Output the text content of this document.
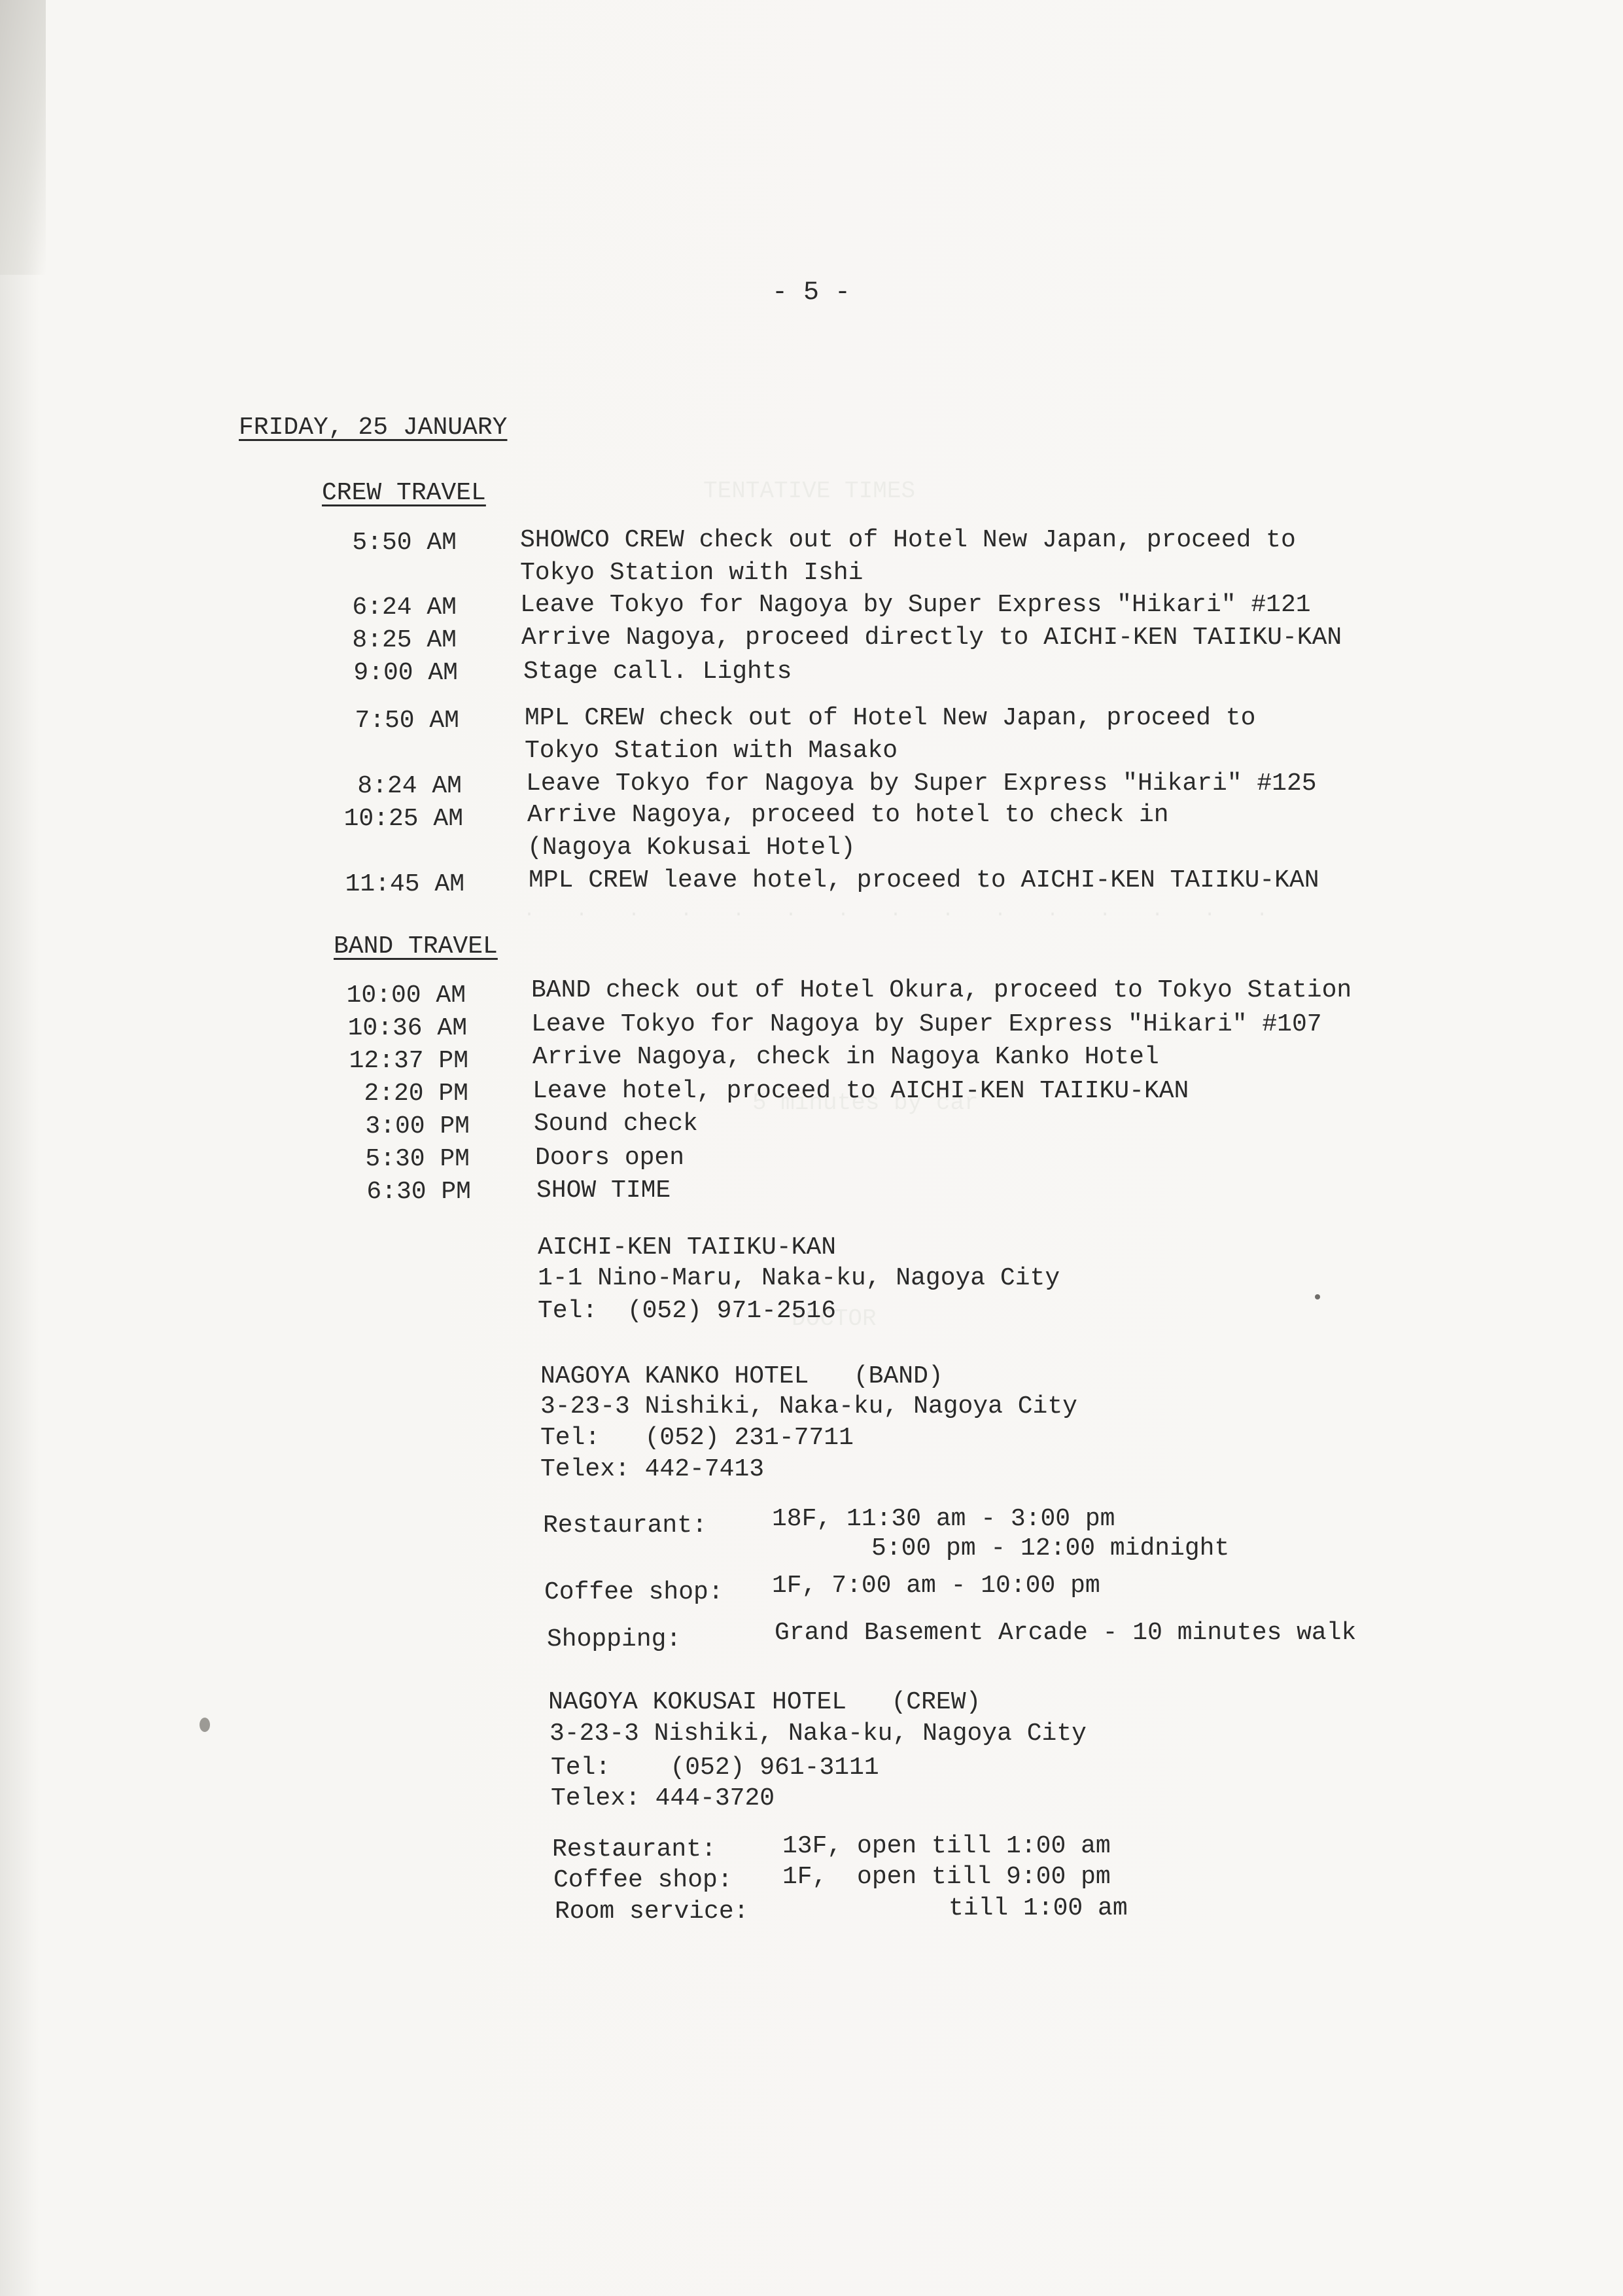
. . . . . . . . . . . . . . .
- 5 -
FRIDAY, 25 JANUARY
CREW TRAVEL
5:50 AM	SHOWCO CREW check out of Hotel New Japan, proceed to
Tokyo Station with Ishi
6:24 AM	Leave Tokyo for Nagoya by Super Express "Hikari" #121
8:25 AM	Arrive Nagoya, proceed directly to AICHI-KEN TAIIKU-KAN
9:00 AM	Stage call. Lights
7:50 AM	MPL CREW check out of Hotel New Japan, proceed to
Tokyo Station with Masako
8:24 AM	Leave Tokyo for Nagoya by Super Express "Hikari" #125
10:25 AM	Arrive Nagoya, proceed to hotel to check in
(Nagoya Kokusai Hotel)
11:45 AM	MPL CREW leave hotel, proceed to AICHI-KEN TAIIKU-KAN
BAND TRAVEL
10:00 AM	BAND check out of Hotel Okura, proceed to Tokyo Station
10:36 AM	Leave Tokyo for Nagoya by Super Express "Hikari" #107
12:37 PM	Arrive Nagoya, check in Nagoya Kanko Hotel
2:20 PM	Leave hotel, proceed to AICHI-KEN TAIIKU-KAN
3:00 PM	Sound check
5:30 PM	Doors open
6:30 PM	SHOW TIME
AICHI-KEN TAIIKU-KAN
1-1 Nino-Maru, Naka-ku, Nagoya City
Tel:  (052) 971-2516
NAGOYA KANKO HOTEL   (BAND)
3-23-3 Nishiki, Naka-ku, Nagoya City
Tel:   (052) 231-7711
Telex: 442-7413
Restaurant:	18F, 11:30 am - 3:00 pm
5:00 pm - 12:00 midnight
Coffee shop: 1F, 7:00 am - 10:00 pm
Shopping:	Grand Basement Arcade - 10 minutes walk
NAGOYA KOKUSAI HOTEL   (CREW)
3-23-3 Nishiki, Naka-ku, Nagoya City
Tel:    (052) 961-3111
Telex: 444-3720
Restaurant:	13F, open till 1:00 am
Coffee shop: 1F,  open till 9:00 pm
Room service:	till 1:00 am
